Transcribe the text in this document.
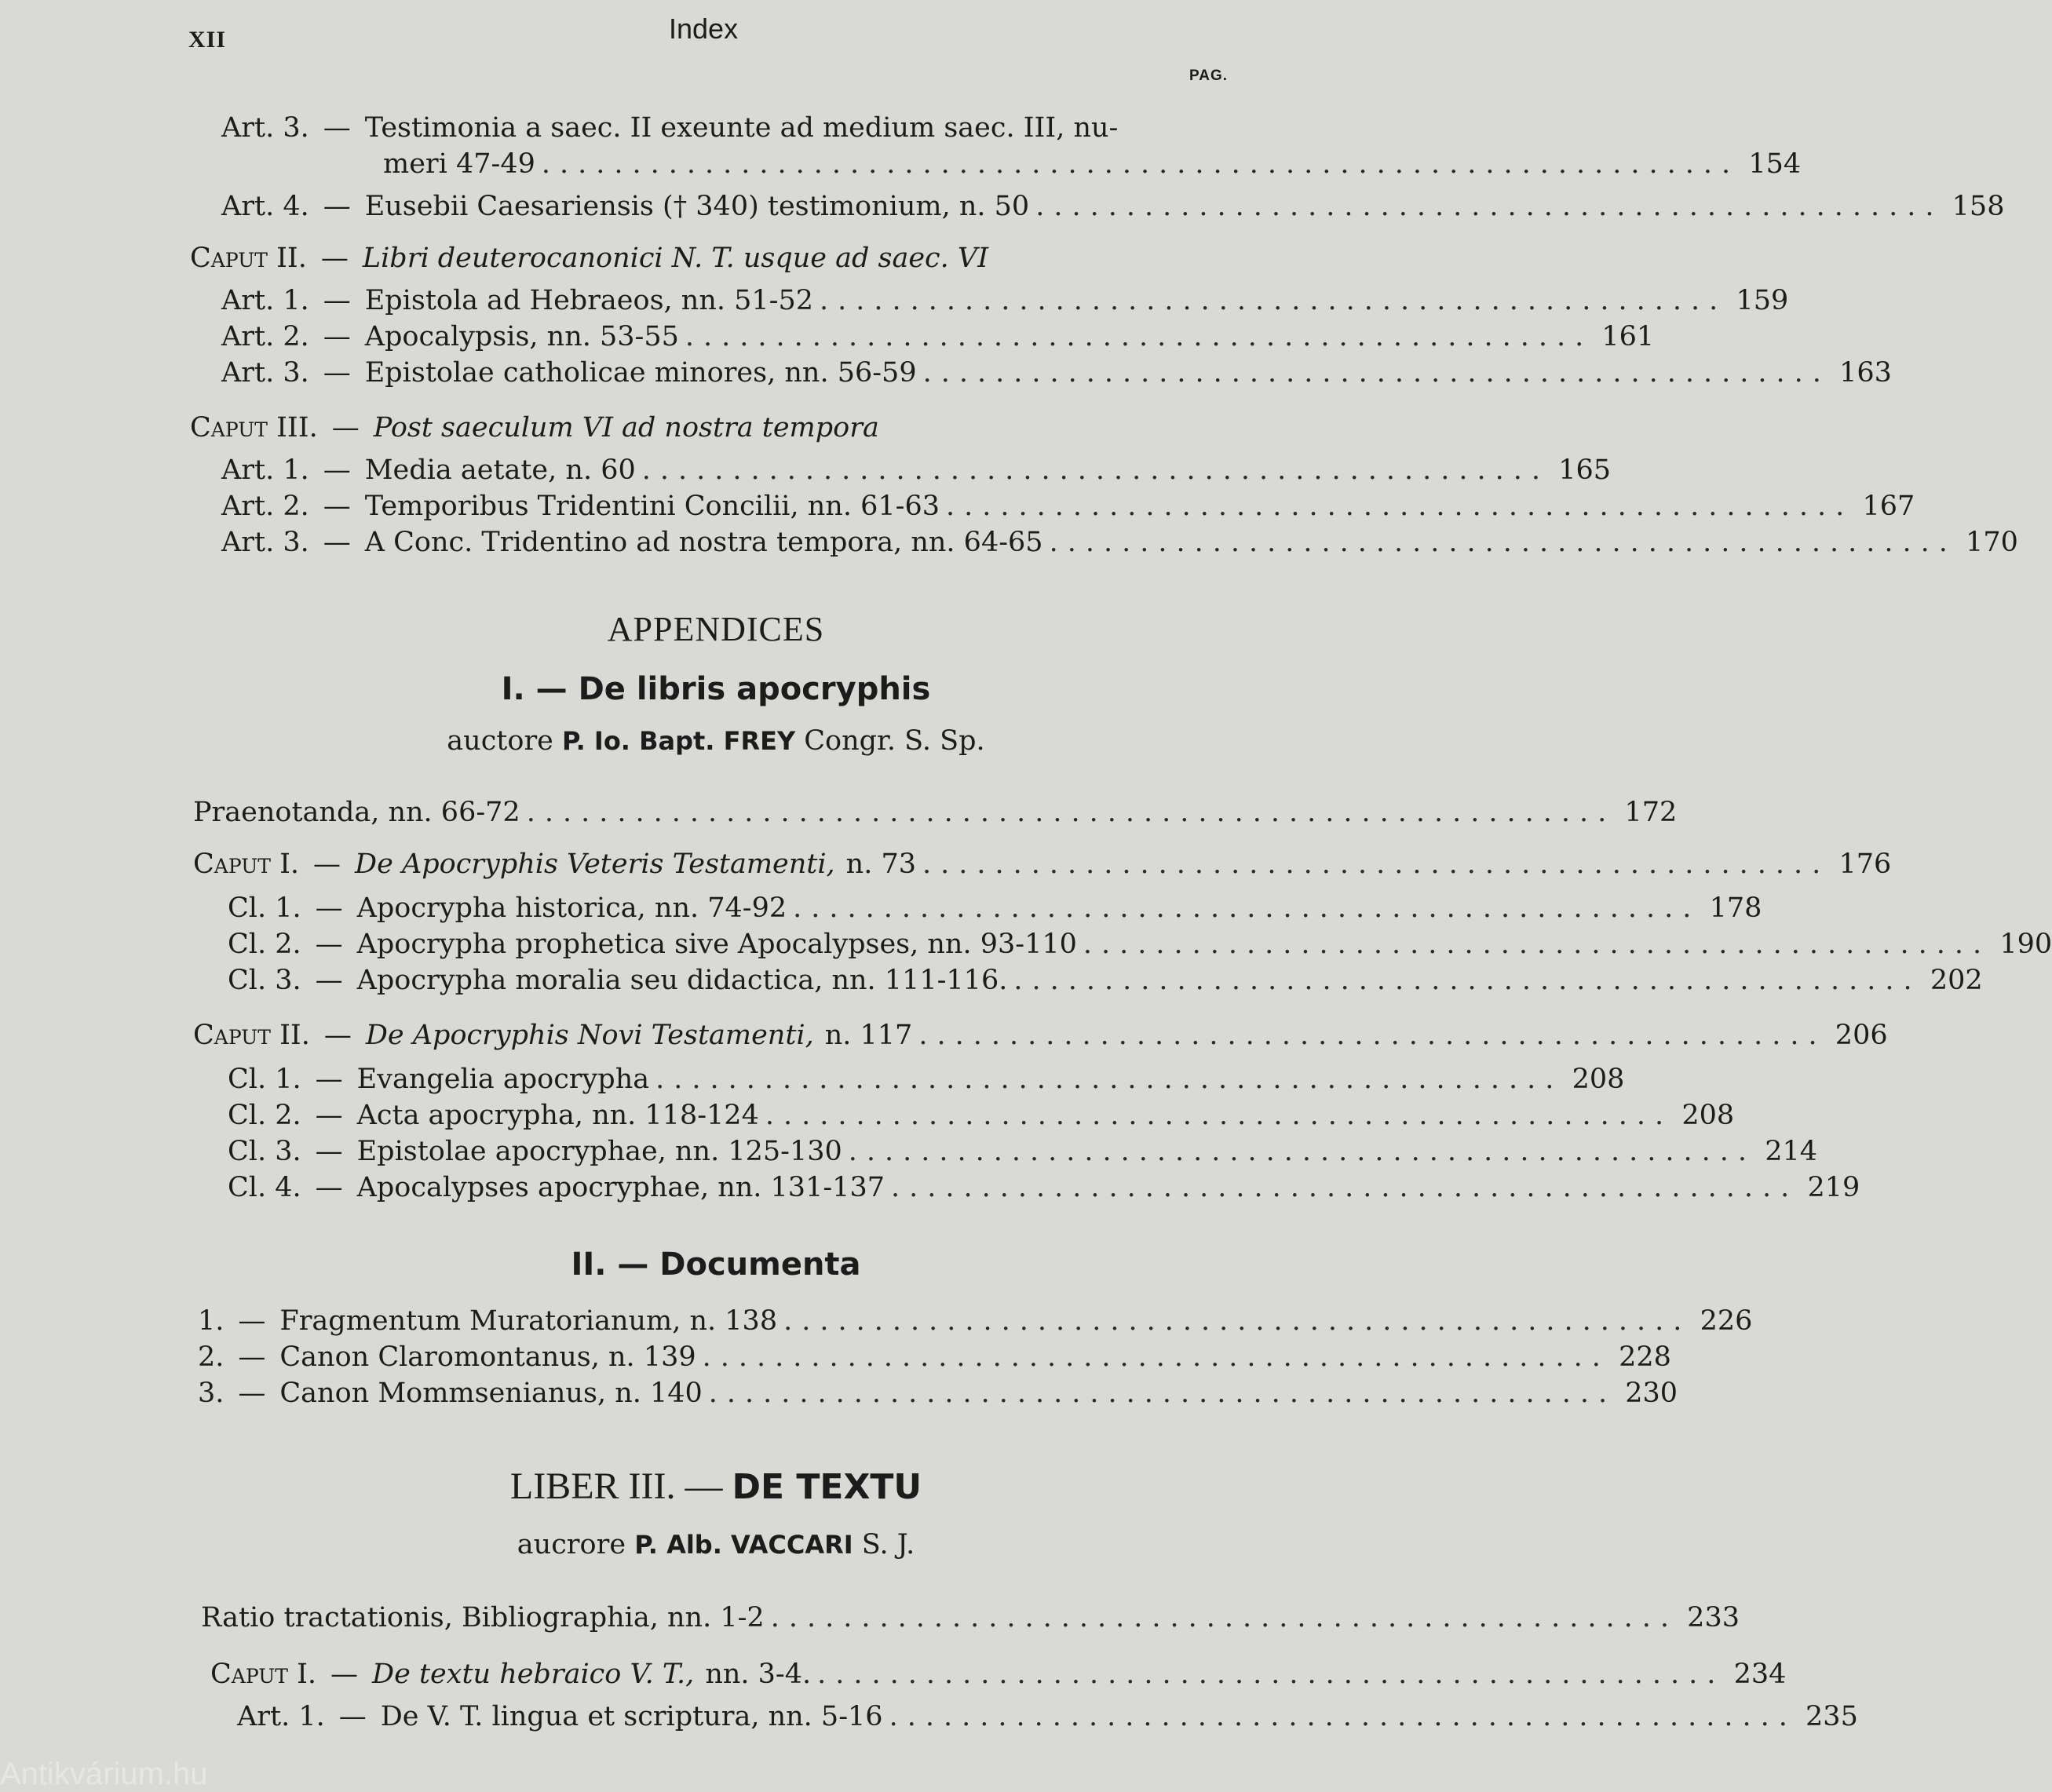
XII	Index
PAG.
Art. 3. — Testimonia a saec. II exeunte ad medium saec. III, nu-
meri 47-49 .................................................................. 154
Art. 4. — Eusebii Caesariensis († 340) testimonium, n. 50 .................................................. 158
Caput II. — Libri deuterocanonici N. T. usque ad saec. VI
Art. 1. — Epistola ad Hebraeos, nn. 51-52 .................................................. 159
Art. 2. — Apocalypsis, nn. 53-55 .................................................. 161
Art. 3. — Epistolae catholicae minores, nn. 56-59 .................................................. 163
Caput III. — Post saeculum VI ad nostra tempora
Art. 1. — Media aetate, n. 60 .................................................. 165
Art. 2. — Temporibus Tridentini Concilii, nn. 61-63 .................................................. 167
Art. 3. — A Conc. Tridentino ad nostra tempora, nn. 64-65 .................................................. 170
APPENDICES
I. — De libris apocryphis
auctore P. Io. Bapt. FREY Congr. S. Sp.
Praenotanda, nn. 66-72 ............................................................ 172
Caput I. — De Apocryphis Veteris Testamenti, n. 73 .................................................. 176
Cl. 1. — Apocrypha historica, nn. 74-92 .................................................. 178
Cl. 2. — Apocrypha prophetica sive Apocalypses, nn. 93-110 .................................................. 190
Cl. 3. — Apocrypha moralia seu didactica, nn. 111-116. .................................................. 202
Caput II. — De Apocryphis Novi Testamenti, n. 117 .................................................. 206
Cl. 1. — Evangelia apocrypha .................................................. 208
Cl. 2. — Acta apocrypha, nn. 118-124 .................................................. 208
Cl. 3. — Epistolae apocryphae, nn. 125-130 .................................................. 214
Cl. 4. — Apocalypses apocryphae, nn. 131-137 .................................................. 219
II. — Documenta
1. — Fragmentum Muratorianum, n. 138 .................................................. 226
2. — Canon Claromontanus, n. 139 .................................................. 228
3. — Canon Mommsenianus, n. 140 .................................................. 230
LIBER III. — DE TEXTU
aucrore P. Alb. VACCARI S. J.
Ratio tractationis, Bibliographia, nn. 1-2 .................................................. 233
Caput I. — De textu hebraico V. T., nn. 3-4. .................................................. 234
Art. 1. — De V. T. lingua et scriptura, nn. 5-16 .................................................. 235
Antikvárium.hu
